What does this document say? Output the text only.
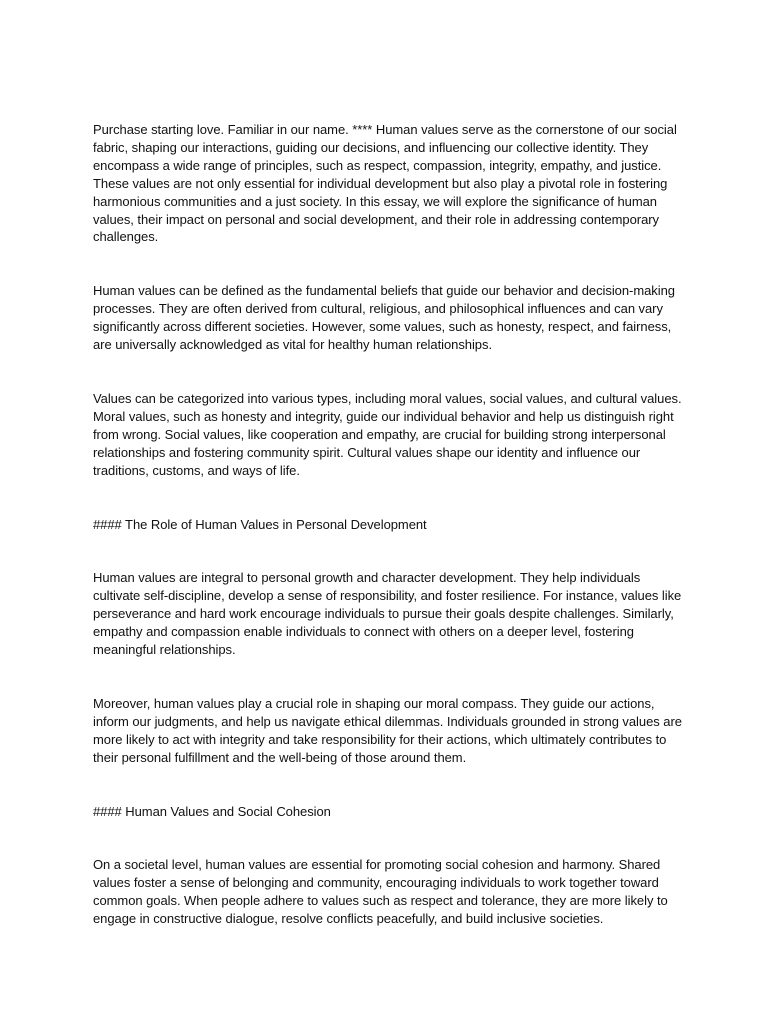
Purchase starting love. Familiar in our name. **** Human values serve as the cornerstone of our social fabric, shaping our interactions, guiding our decisions, and influencing our collective identity. They encompass a wide range of principles, such as respect, compassion, integrity, empathy, and justice. These values are not only essential for individual development but also play a pivotal role in fostering harmonious communities and a just society. In this essay, we will explore the significance of human values, their impact on personal and social development, and their role in addressing contemporary challenges.

Human values can be defined as the fundamental beliefs that guide our behavior and decision-making processes. They are often derived from cultural, religious, and philosophical influences and can vary significantly across different societies. However, some values, such as honesty, respect, and fairness, are universally acknowledged as vital for healthy human relationships.

Values can be categorized into various types, including moral values, social values, and cultural values. Moral values, such as honesty and integrity, guide our individual behavior and help us distinguish right from wrong. Social values, like cooperation and empathy, are crucial for building strong interpersonal relationships and fostering community spirit. Cultural values shape our identity and influence our traditions, customs, and ways of life.

#### The Role of Human Values in Personal Development

Human values are integral to personal growth and character development. They help individuals cultivate self-discipline, develop a sense of responsibility, and foster resilience. For instance, values like perseverance and hard work encourage individuals to pursue their goals despite challenges. Similarly, empathy and compassion enable individuals to connect with others on a deeper level, fostering meaningful relationships.

Moreover, human values play a crucial role in shaping our moral compass. They guide our actions, inform our judgments, and help us navigate ethical dilemmas. Individuals grounded in strong values are more likely to act with integrity and take responsibility for their actions, which ultimately contributes to their personal fulfillment and the well-being of those around them.

#### Human Values and Social Cohesion

On a societal level, human values are essential for promoting social cohesion and harmony. Shared values foster a sense of belonging and community, encouraging individuals to work together toward common goals. When people adhere to values such as respect and tolerance, they are more likely to engage in constructive dialogue, resolve conflicts peacefully, and build inclusive societies.
